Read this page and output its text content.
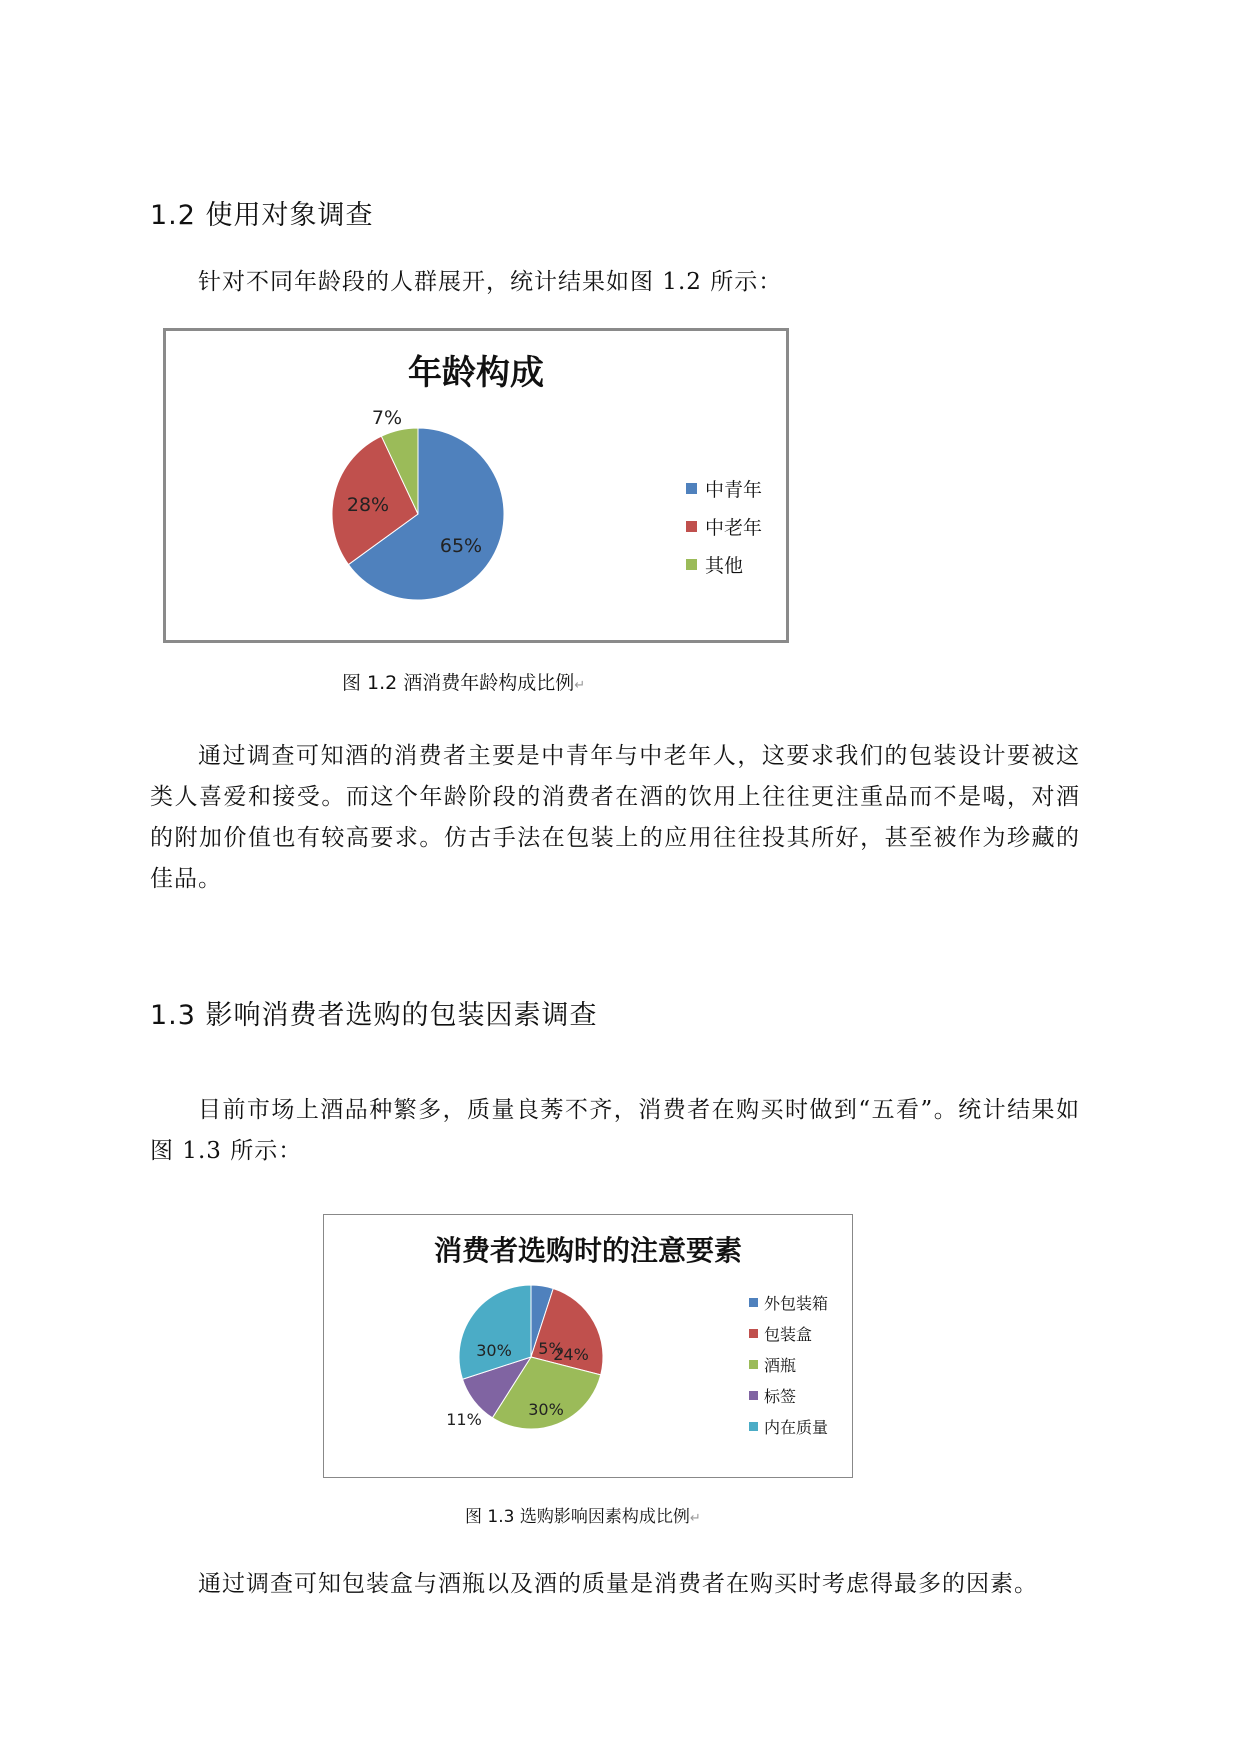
1.2 使用对象调查

针对不同年龄段的人群展开，统计结果如图 1.2 所示：

年龄构成
65%
28%
7%
中青年
中老年
其他
图 1.2 酒消费年龄构成比例↵

通过调查可知酒的消费者主要是中青年与中老年人，这要求我们的包装设计要被这类人喜爱和接受。而这个年龄阶段的消费者在酒的饮用上往往更注重品而不是喝，对酒的附加价值也有较高要求。仿古手法在包装上的应用往往投其所好，甚至被作为珍藏的佳品。

1.3 影响消费者选购的包装因素调查

目前市场上酒品种繁多，质量良莠不齐，消费者在购买时做到“五看”。统计结果如图 1.3 所示：

消费者选购时的注意要素
5%
24%
30%
11%
30%
外包装箱
包装盒
酒瓶
标签
内在质量
图 1.3 选购影响因素构成比例↵

通过调查可知包装盒与酒瓶以及酒的质量是消费者在购买时考虑得最多的因素。
